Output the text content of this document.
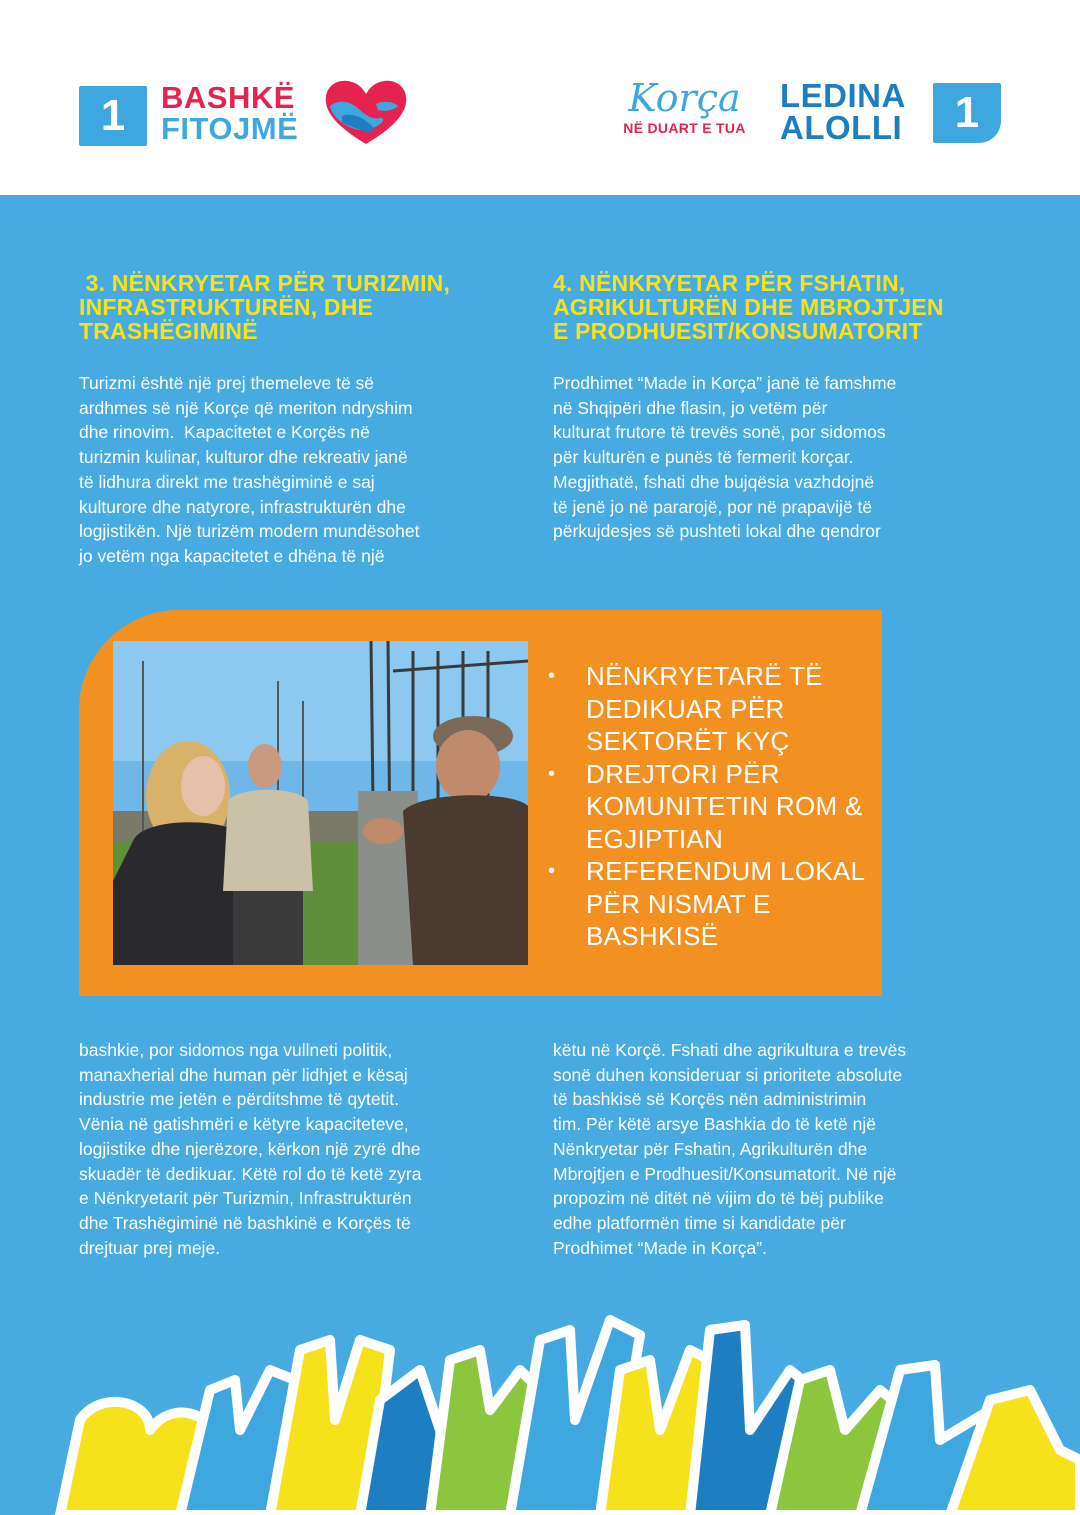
1	BASHKË
FITOJMË
Korça
NË DUART E TUA
LEDINA
ALOLLI	1
3. NËNKRYETAR PËR TURIZMIN,
INFRASTRUKTURËN, DHE
TRASHËGIMINË
4. NËNKRYETAR PËR FSHATIN,
AGRIKULTURËN DHE MBROJTJEN
E PRODHUESIT/KONSUMATORIT
Turizmi është një prej themeleve të së
ardhmes së një Korçe që meriton ndryshim
dhe rinovim.  Kapacitetet e Korçës në
turizmin kulinar, kulturor dhe rekreativ janë
të lidhura direkt me trashëgiminë e saj
kulturore dhe natyrore, infrastrukturën dhe
logjistikën. Një turizëm modern mundësohet
jo vetëm nga kapacitetet e dhëna të një
Prodhimet “Made in Korça” janë të famshme
në Shqipëri dhe flasin, jo vetëm për
kulturat frutore të trevës sonë, por sidomos
për kulturën e punës të fermerit korçar.
Megjithatë, fshati dhe bujqësia vazhdojnë
të jenë jo në pararojë, por në prapavijë të
përkujdesjes së pushteti lokal dhe qendror
• NËNKRYETARË TË DEDIKUAR PËR SEKTORËT KYÇ
• DREJTORI PËR KOMUNITETIN ROM & EGJIPTIAN
• REFERENDUM LOKAL PËR NISMAT E BASHKISË
bashkie, por sidomos nga vullneti politik,
manaxherial dhe human për lidhjet e kësaj
industrie me jetën e përditshme të qytetit.
Vënia në gatishmëri e këtyre kapaciteteve,
logjistike dhe njerëzore, kërkon një zyrë dhe
skuadër të dedikuar. Këtë rol do të ketë zyra
e Nënkryetarit për Turizmin, Infrastrukturën
dhe Trashëgiminë në bashkinë e Korçës të
drejtuar prej meje.
këtu në Korçë. Fshati dhe agrikultura e trevës
sonë duhen konsideruar si prioritete absolute
të bashkisë së Korçës nën administrimin
tim. Për këtë arsye Bashkia do të ketë një
Nënkryetar për Fshatin, Agrikulturën dhe
Mbrojtjen e Prodhuesit/Konsumatorit. Në një
propozim në ditët në vijim do të bëj publike
edhe platformën time si kandidate për
Prodhimet “Made in Korça”.
